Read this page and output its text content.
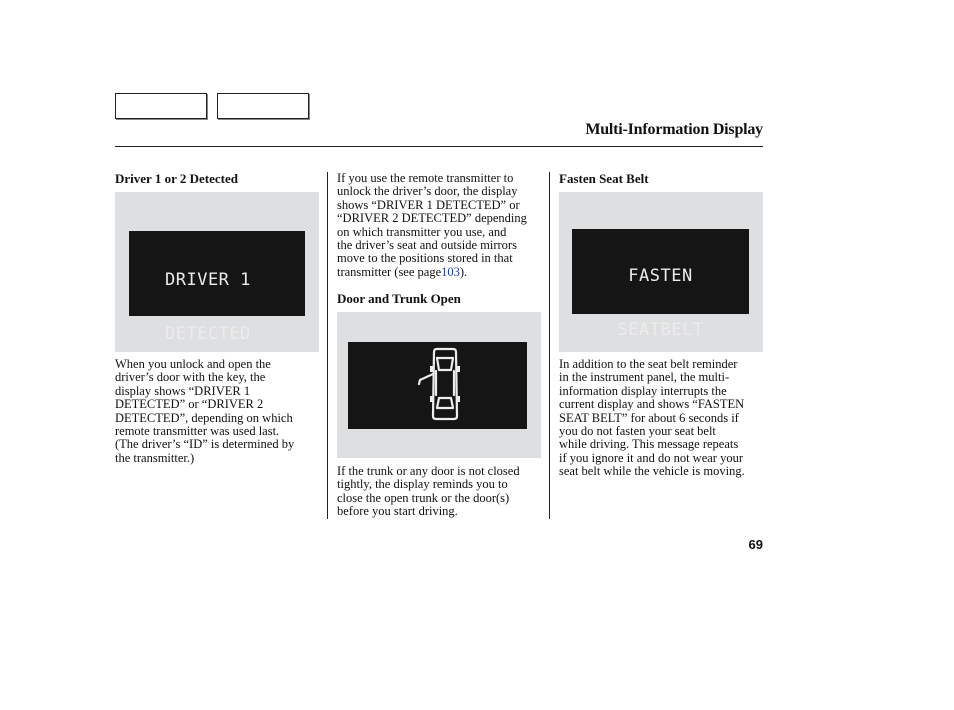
Multi-Information Display
Driver 1 or 2 Detected

DRIVER 1

DETECTED

When you unlock and open the
driver’s door with the key, the
display shows “DRIVER 1
DETECTED” or “DRIVER 2
DETECTED”, depending on which
remote transmitter was used last.
(The driver’s “ID” is determined by
the transmitter.)
If you use the remote transmitter to
unlock the driver’s door, the display
shows “DRIVER 1 DETECTED” or
“DRIVER 2 DETECTED” depending
on which transmitter you use, and
the driver’s seat and outside mirrors
move to the positions stored in that
transmitter (see page103).
Door and Trunk Open
If the trunk or any door is not closed
tightly, the display reminds you to
close the open trunk or the door(s)
before you start driving.
Fasten Seat Belt

FASTEN

SEATBELT

In addition to the seat belt reminder
in the instrument panel, the multi-
information display interrupts the
current display and shows “FASTEN
SEAT BELT” for about 6 seconds if
you do not fasten your seat belt
while driving. This message repeats
if you ignore it and do not wear your
seat belt while the vehicle is moving.
69
